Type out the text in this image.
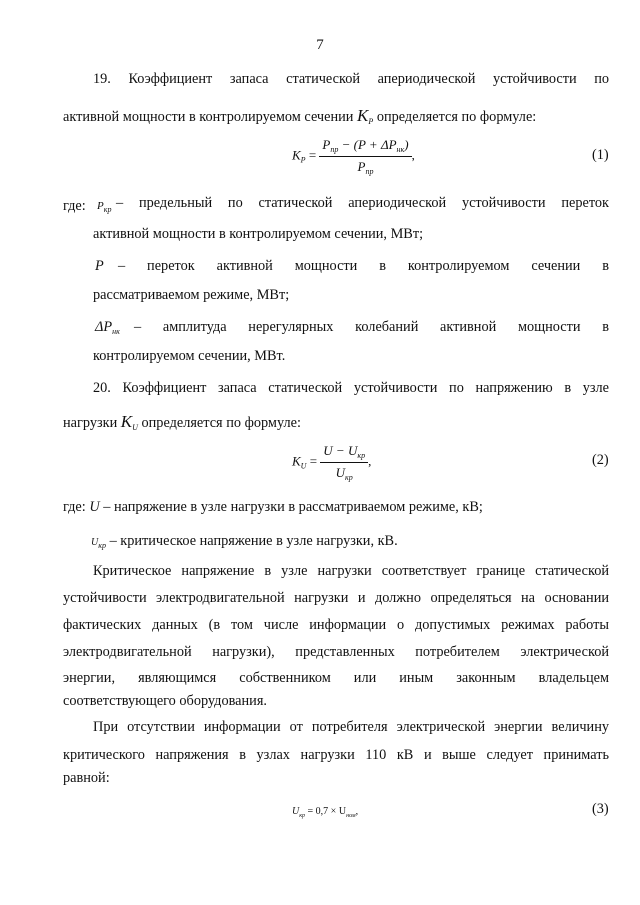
7
19. Коэффициент запаса статической апериодической устойчивости по
активной мощности в контролируемом сечении $K_P$ определяется по формуле:
$K_P = \frac{P_{пр} - (P + \Delta P_{нк})}{P_{пр}}$ ,	(1)
где: $P_{кр}$ – предельный по статической апериодической устойчивости переток
активной мощности в контролируемом сечении, МВт;
P – переток активной мощности в контролируемом сечении в
рассматриваемом режиме, МВт;
$\Delta P_{нк}$ – амплитуда нерегулярных колебаний активной мощности в
контролируемом сечении, МВт.
20. Коэффициент запаса статической устойчивости по напряжению в узле
нагрузки $K_U$ определяется по формуле:
$K_U = \frac{U - U_{кр}}{U_{кр}}$ ,	(2)
где: U – напряжение в узле нагрузки в рассматриваемом режиме, кВ;
$U_{кр}$ – критическое напряжение в узле нагрузки, кВ.
Критическое напряжение в узле нагрузки соответствует границе статической
устойчивости электродвигательной нагрузки и должно определяться на основании
фактических данных (в том числе информации о допустимых режимах работы
электродвигательной нагрузки), представленных потребителем электрической
энергии, являющимся собственником или иным законным владельцем
соответствующего оборудования.
При отсутствии информации от потребителя электрической энергии величину
критического напряжения в узлах нагрузки 110 кВ и выше следует принимать
равной:
$U_{кр} = 0,7 \times U_{ном}$,	(3)
